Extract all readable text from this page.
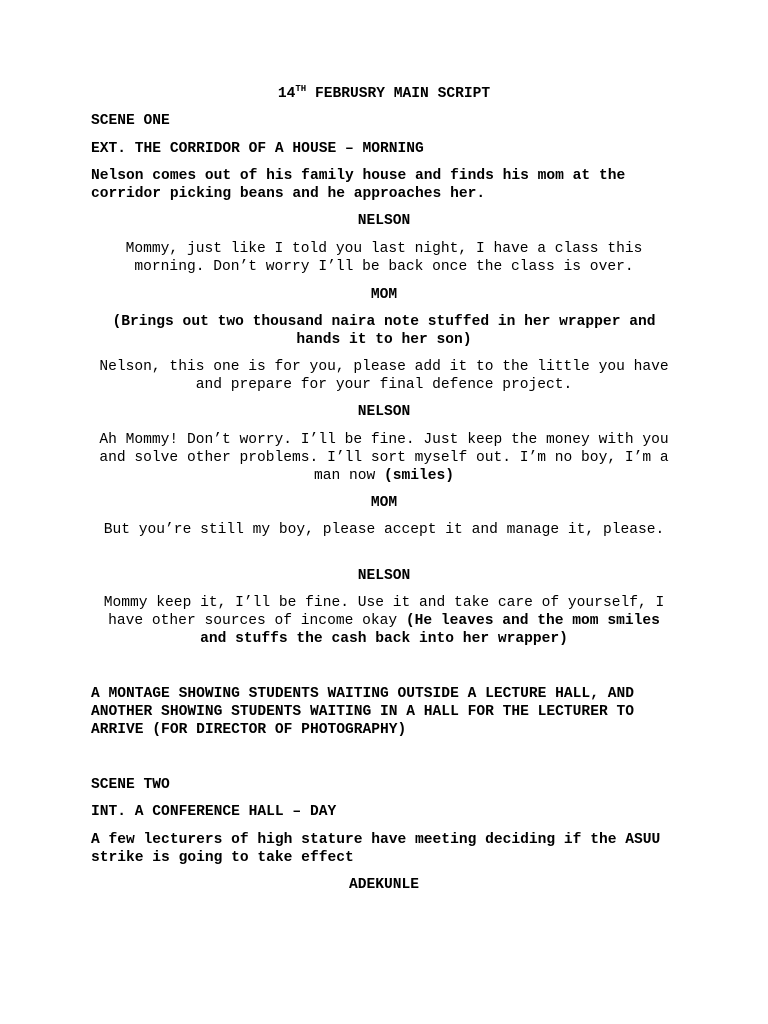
14TH FEBRUSRY MAIN SCRIPT

SCENE ONE

EXT. THE CORRIDOR OF A HOUSE – MORNING

Nelson comes out of his family house and finds his mom at the corridor picking beans and he approaches her.

NELSON

Mommy, just like I told you last night, I have a class this morning. Don’t worry I’ll be back once the class is over.

MOM

(Brings out two thousand naira note stuffed in her wrapper and hands it to her son)

Nelson, this one is for you, please add it to the little you have and prepare for your final defence project.

NELSON

Ah Mommy! Don’t worry. I’ll be fine. Just keep the money with you and solve other problems. I’ll sort myself out. I’m no boy, I’m a man now (smiles)

MOM

But you’re still my boy, please accept it and manage it, please.

NELSON

Mommy keep it, I’ll be fine. Use it and take care of yourself, I have other sources of income okay (He leaves and the mom smiles and stuffs the cash back into her wrapper)

A MONTAGE SHOWING STUDENTS WAITING OUTSIDE A LECTURE HALL, AND ANOTHER SHOWING STUDENTS WAITING IN A HALL FOR THE LECTURER TO ARRIVE (FOR DIRECTOR OF PHOTOGRAPHY)

SCENE TWO

INT. A CONFERENCE HALL – DAY

A few lecturers of high stature have meeting deciding if the ASUU strike is going to take effect

ADEKUNLE
